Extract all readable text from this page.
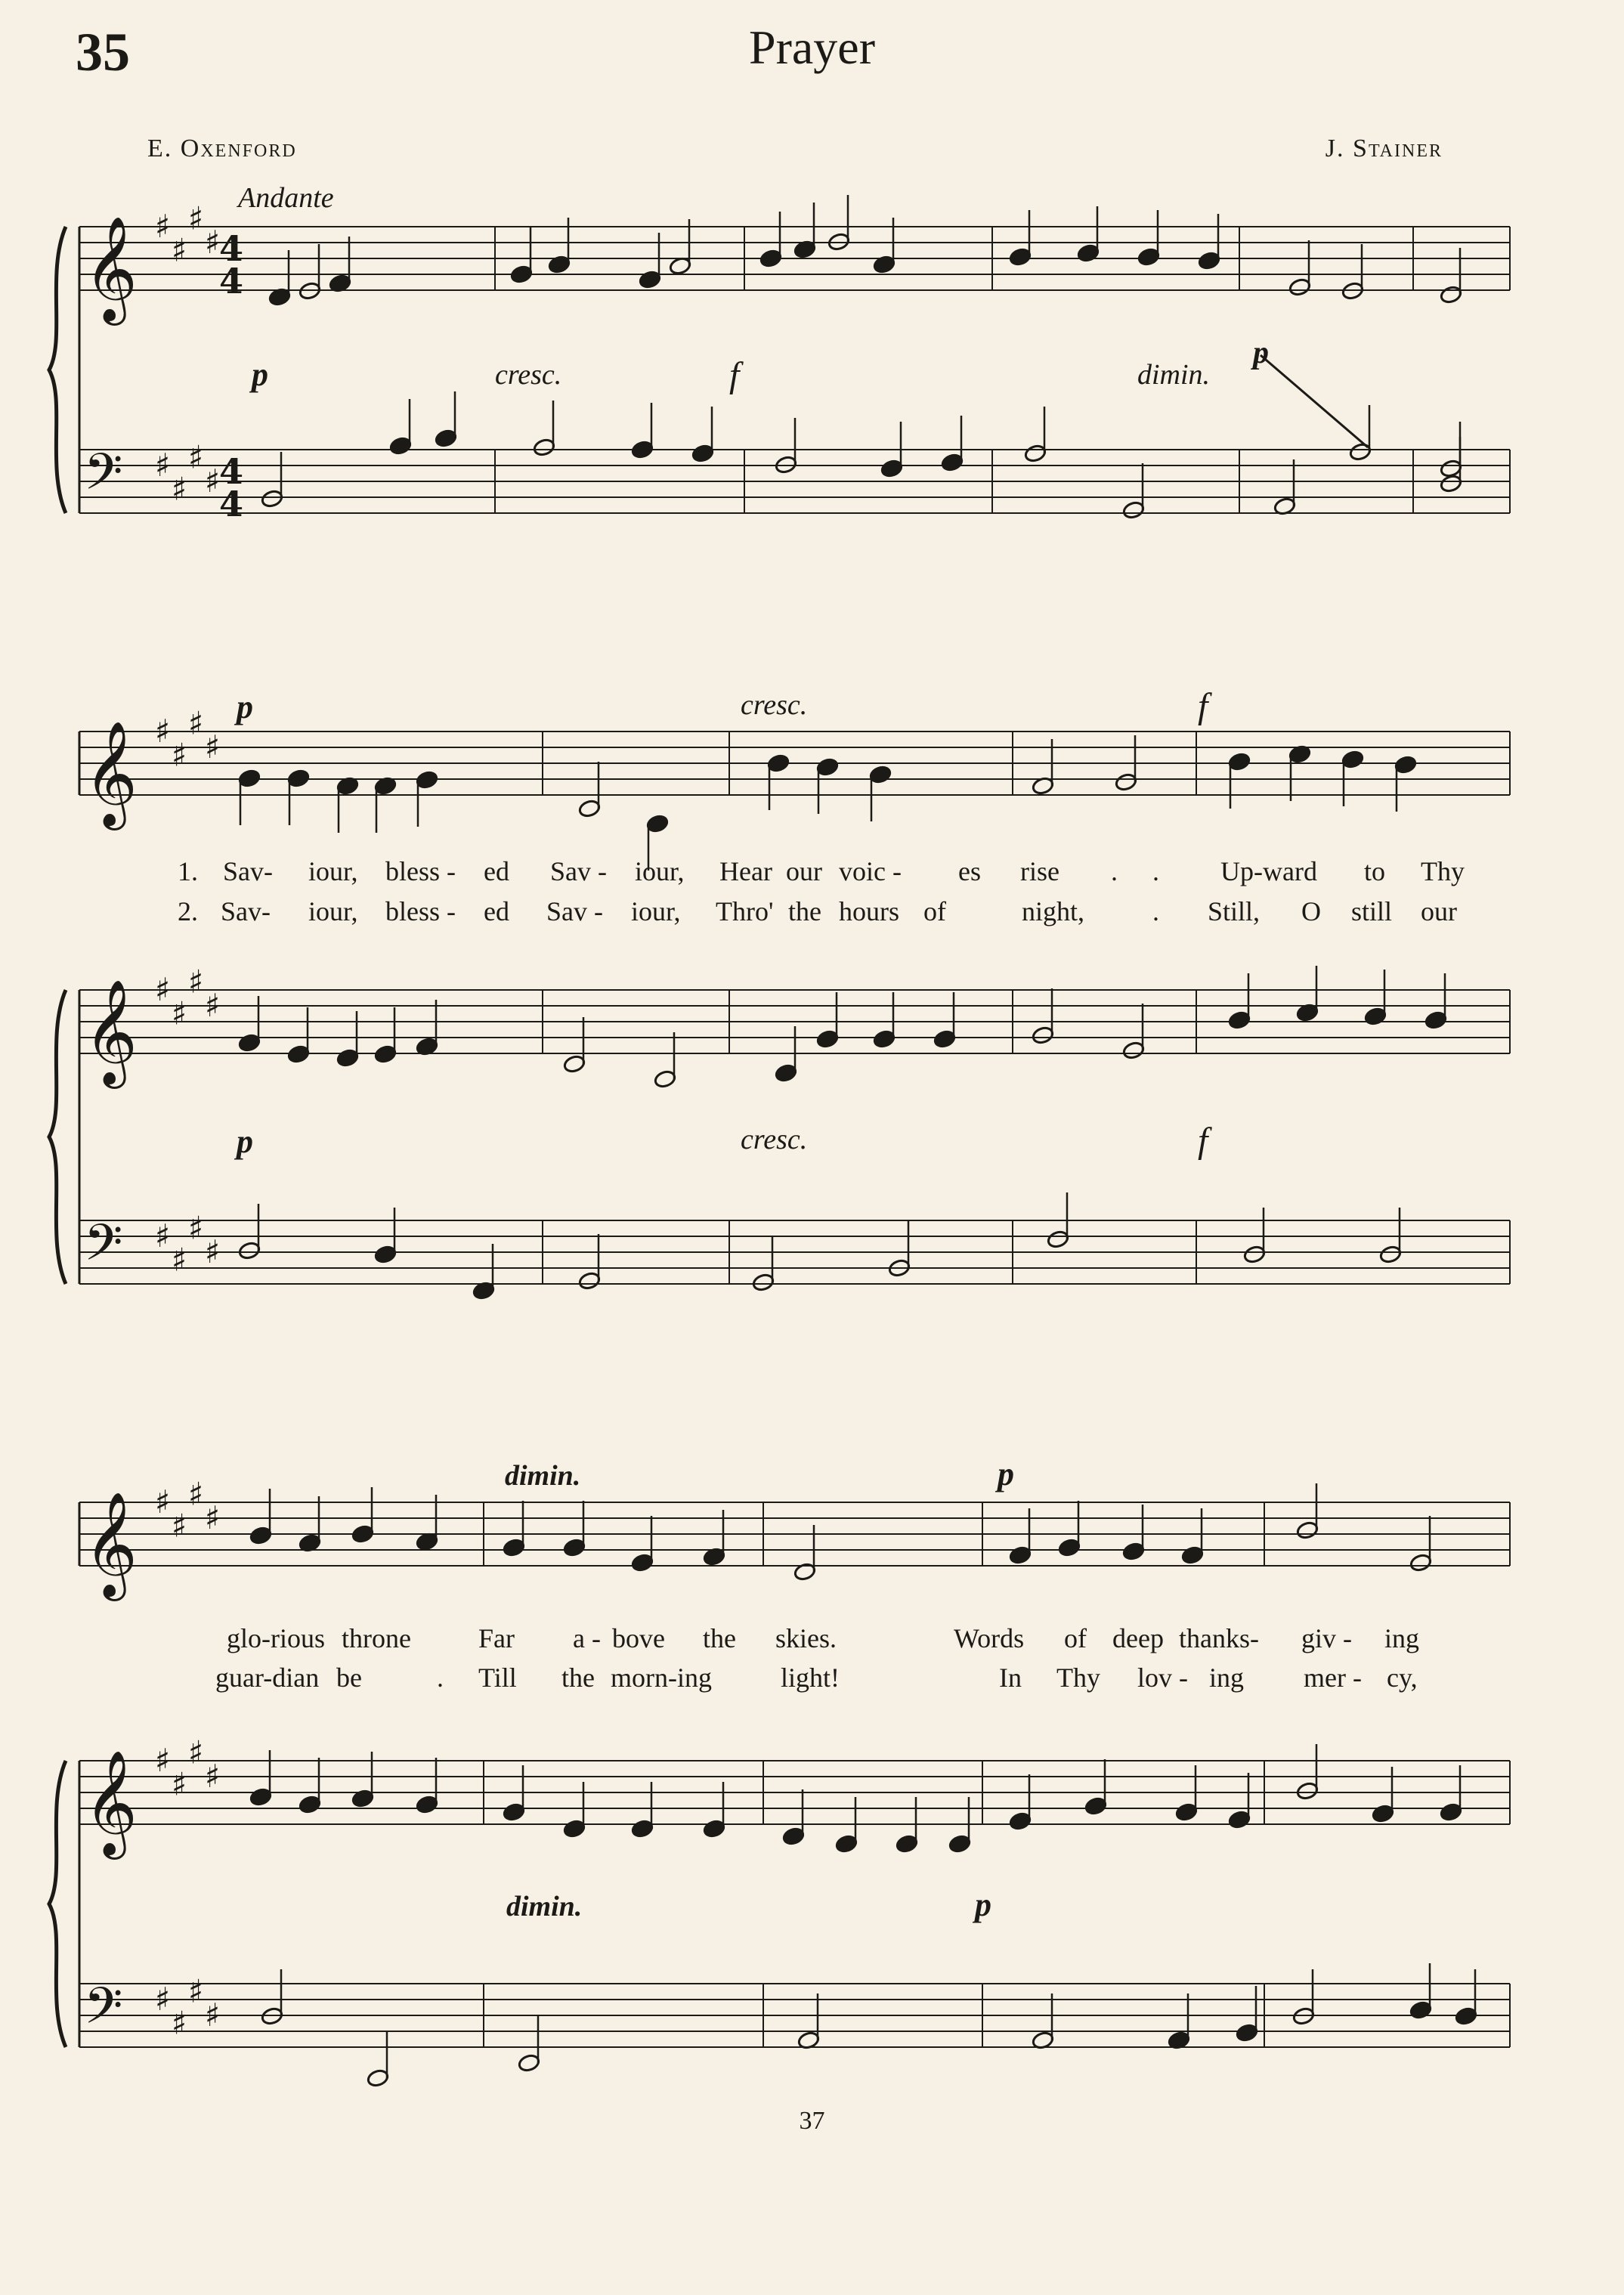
35	Prayer
E. Oxenford	J. Stainer
Andante
𝄞 ♯
♯
♯
♯
𝄢 ♯
♯
♯
♯
4
4
4
4
𝄞 ♯
♯
♯
♯
𝄞 ♯
♯
♯
♯
𝄢 ♯
♯
♯
♯
𝄞 ♯
♯
♯
♯
𝄞 ♯
♯
♯
♯
𝄢 ♯
♯
♯
♯
p	cresc.	f	dimin.
p
p	cresc.	f
p	cresc.	f
dimin.	p
dimin.	p
1. Sav- iour, bless - ed Sav - iour, Hear our voic - es rise . . Up-ward to Thy
2. Sav- iour, bless - ed Sav - iour, Thro' the hours of	night, . Still, O still our
glo-rious throne Far a - bove the skies.	Words of deep thanks- giv - ing
guar-dian be	. Till the morn-ing	light!	In Thy lov - ing mer - cy,
37
